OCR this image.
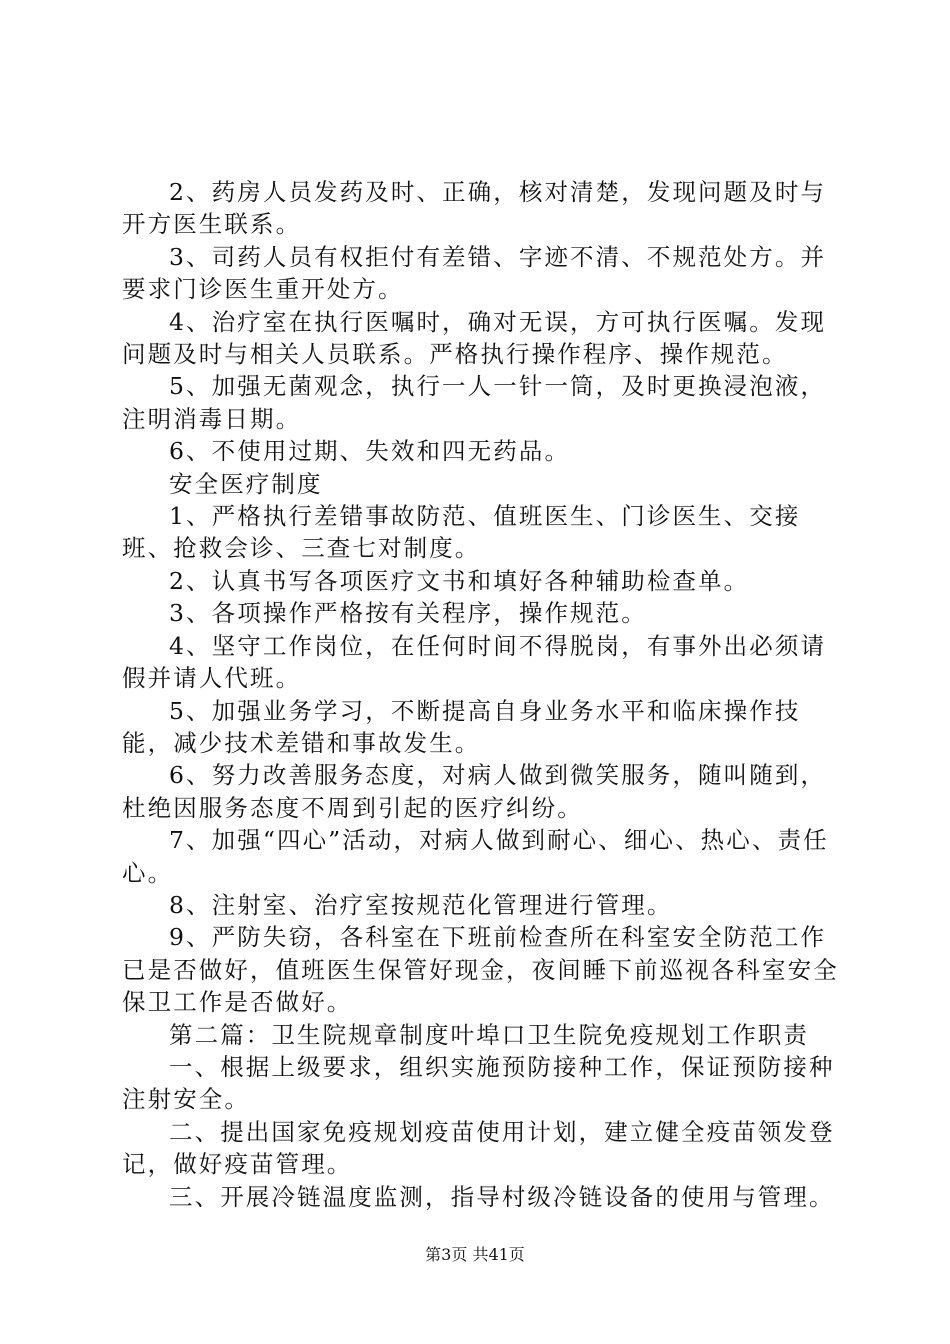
2、药房人员发药及时、正确，核对清楚，发现问题及时与开方医生联系。

3、司药人员有权拒付有差错、字迹不清、不规范处方。并要求门诊医生重开处方。

4、治疗室在执行医嘱时，确对无误，方可执行医嘱。发现问题及时与相关人员联系。严格执行操作程序、操作规范。

5、加强无菌观念，执行一人一针一筒，及时更换浸泡液，注明消毒日期。

6、不使用过期、失效和四无药品。

安全医疗制度

1、严格执行差错事故防范、值班医生、门诊医生、交接班、抢救会诊、三查七对制度。

2、认真书写各项医疗文书和填好各种辅助检查单。

3、各项操作严格按有关程序，操作规范。

4、坚守工作岗位，在任何时间不得脱岗，有事外出必须请假并请人代班。

5、加强业务学习，不断提高自身业务水平和临床操作技能，减少技术差错和事故发生。

6、努力改善服务态度，对病人做到微笑服务，随叫随到，杜绝因服务态度不周到引起的医疗纠纷。

7、加强“四心”活动，对病人做到耐心、细心、热心、责任心。

8、注射室、治疗室按规范化管理进行管理。

9、严防失窃，各科室在下班前检查所在科室安全防范工作已是否做好，值班医生保管好现金，夜间睡下前巡视各科室安全保卫工作是否做好。

第二篇：卫生院规章制度叶埠口卫生院免疫规划工作职责

一、根据上级要求，组织实施预防接种工作，保证预防接种注射安全。

二、提出国家免疫规划疫苗使用计划，建立健全疫苗领发登记，做好疫苗管理。

三、开展冷链温度监测，指导村级冷链设备的使用与管理。

第3页 共41页
